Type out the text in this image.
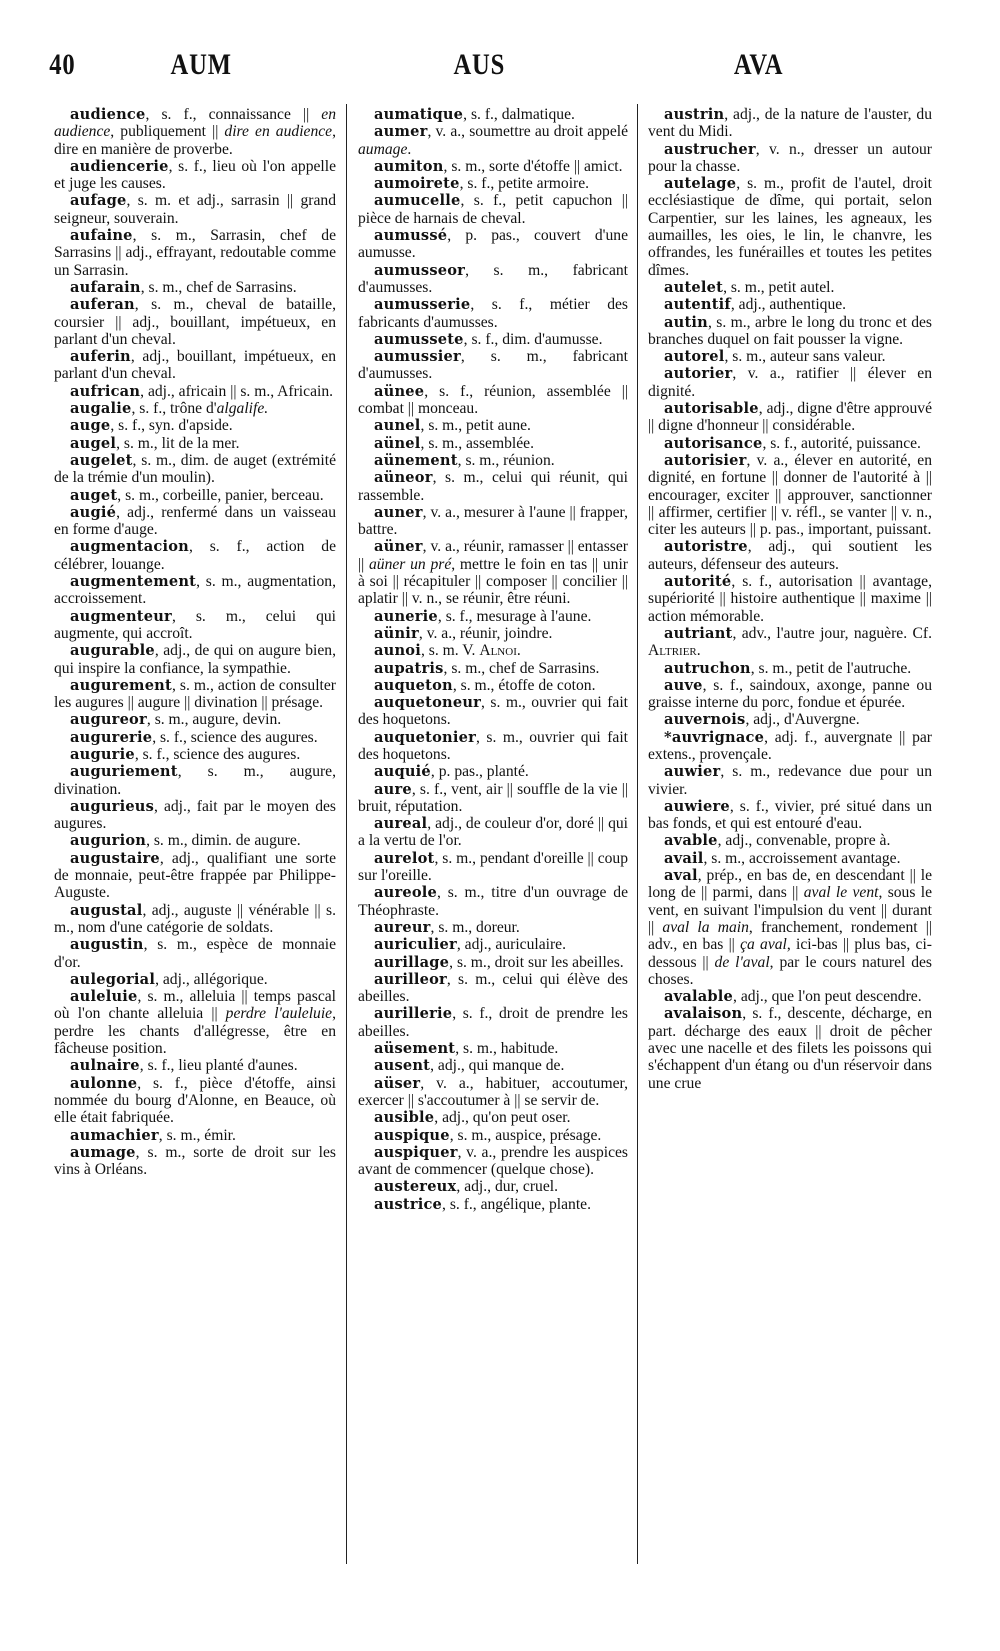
40	AUM	AUS	AVA

audience, s. f., connaissance || en audience, publiquement || dire en audience, dire en manière de proverbe.

audiencerie, s. f., lieu où l'on appelle et juge les causes.

aufage, s. m. et adj., sarrasin || grand seigneur, souverain.

aufaine, s. m., Sarrasin, chef de Sarrasins || adj., effrayant, redoutable comme un Sarrasin.

aufarain, s. m., chef de Sarrasins.

auferan, s. m., cheval de bataille, coursier || adj., bouillant, impétueux, en parlant d'un cheval.

auferin, adj., bouillant, impétueux, en parlant d'un cheval.

aufrican, adj., africain || s. m., Africain.

augalie, s. f., trône d'algalife.

auge, s. f., syn. d'apside.

augel, s. m., lit de la mer.

augelet, s. m., dim. de auget (extrémité de la trémie d'un moulin).

auget, s. m., corbeille, panier, berceau.

augié, adj., renfermé dans un vaisseau en forme d'auge.

augmentacion, s. f., action de célébrer, louange.

augmentement, s. m., augmentation, accroissement.

augmenteur, s. m., celui qui augmente, qui accroît.

augurable, adj., de qui on augure bien, qui inspire la confiance, la sympathie.

augurement, s. m., action de consulter les augures || augure || divination || présage.

augureor, s. m., augure, devin.

augurerie, s. f., science des augures.

augurie, s. f., science des augures.

auguriement, s. m., augure, divination.

augurieus, adj., fait par le moyen des augures.

augurion, s. m., dimin. de augure.

augustaire, adj., qualifiant une sorte de monnaie, peut-être frappée par Philippe-Auguste.

augustal, adj., auguste || vénérable || s. m., nom d'une catégorie de soldats.

augustin, s. m., espèce de monnaie d'or.

aulegorial, adj., allégorique.

auleluie, s. m., alleluia || temps pascal où l'on chante alleluia || perdre l'auleluie, perdre les chants d'allégresse, être en fâcheuse position.

aulnaire, s. f., lieu planté d'aunes.

aulonne, s. f., pièce d'étoffe, ainsi nommée du bourg d'Alonne, en Beauce, où elle était fabriquée.

aumachier, s. m., émir.

aumage, s. m., sorte de droit sur les vins à Orléans.

aumatique, s. f., dalmatique.

aumer, v. a., soumettre au droit appelé aumage.

aumiton, s. m., sorte d'étoffe || amict.

aumoirete, s. f., petite armoire.

aumucelle, s. f., petit capuchon || pièce de harnais de cheval.

aumussé, p. pas., couvert d'une aumusse.

aumusseor, s. m., fabricant d'aumusses.

aumusserie, s. f., métier des fabricants d'aumusses.

aumussete, s. f., dim. d'aumusse.

aumussier, s. m., fabricant d'aumusses.

aünee, s. f., réunion, assemblée || combat || monceau.

aunel, s. m., petit aune.

aünel, s. m., assemblée.

aünement, s. m., réunion.

aüneor, s. m., celui qui réunit, qui rassemble.

auner, v. a., mesurer à l'aune || frapper, battre.

aüner, v. a., réunir, ramasser || entasser || aüner un pré, mettre le foin en tas || unir à soi || récapituler || composer || concilier || aplatir || v. n., se réunir, être réuni.

aunerie, s. f., mesurage à l'aune.

aünir, v. a., réunir, joindre.

aunoi, s. m. V. Alnoi.

aupatris, s. m., chef de Sarrasins.

auqueton, s. m., étoffe de coton.

auquetoneur, s. m., ouvrier qui fait des hoquetons.

auquetonier, s. m., ouvrier qui fait des hoquetons.

auquié, p. pas., planté.

aure, s. f., vent, air || souffle de la vie || bruit, réputation.

aureal, adj., de couleur d'or, doré || qui a la vertu de l'or.

aurelot, s. m., pendant d'oreille || coup sur l'oreille.

aureole, s. m., titre d'un ouvrage de Théophraste.

aureur, s. m., doreur.

auriculier, adj., auriculaire.

aurillage, s. m., droit sur les abeilles.

aurilleor, s. m., celui qui élève des abeilles.

aurillerie, s. f., droit de prendre les abeilles.

aüsement, s. m., habitude.

ausent, adj., qui manque de.

aüser, v. a., habituer, accoutumer, exercer || s'accoutumer à || se servir de.

ausible, adj., qu'on peut oser.

auspique, s. m., auspice, présage.

auspiquer, v. a., prendre les auspices avant de commencer (quelque chose).

austereux, adj., dur, cruel.

austrice, s. f., angélique, plante.

austrin, adj., de la nature de l'auster, du vent du Midi.

austrucher, v. n., dresser un autour pour la chasse.

autelage, s. m., profit de l'autel, droit ecclésiastique de dîme, qui portait, selon Carpentier, sur les laines, les agneaux, les aumailles, les oies, le lin, le chanvre, les offrandes, les funérailles et toutes les petites dîmes.

autelet, s. m., petit autel.

autentif, adj., authentique.

autin, s. m., arbre le long du tronc et des branches duquel on fait pousser la vigne.

autorel, s. m., auteur sans valeur.

autorier, v. a., ratifier || élever en dignité.

autorisable, adj., digne d'être approuvé || digne d'honneur || considérable.

autorisance, s. f., autorité, puissance.

autorisier, v. a., élever en autorité, en dignité, en fortune || donner de l'autorité à || encourager, exciter || approuver, sanctionner || affirmer, certifier || v. réfl., se vanter || v. n., citer les auteurs || p. pas., important, puissant.

autoristre, adj., qui soutient les auteurs, défenseur des auteurs.

autorité, s. f., autorisation || avantage, supériorité || histoire authentique || maxime || action mémorable.

autriant, adv., l'autre jour, naguère. Cf. Altrier.

autruchon, s. m., petit de l'autruche.

auve, s. f., saindoux, axonge, panne ou graisse interne du porc, fondue et épurée.

auvernois, adj., d'Auvergne.

*auvrignace, adj. f., auvergnate || par extens., provençale.

auwier, s. m., redevance due pour un vivier.

auwiere, s. f., vivier, pré situé dans un bas fonds, et qui est entouré d'eau.

avable, adj., convenable, propre à.

avail, s. m., accroissement avantage.

aval, prép., en bas de, en descendant || le long de || parmi, dans || aval le vent, sous le vent, en suivant l'impulsion du vent || durant || aval la main, franchement, rondement || adv., en bas || ça aval, ici-bas || plus bas, ci-dessous || de l'aval, par le cours naturel des choses.

avalable, adj., que l'on peut descendre.

avalaison, s. f., descente, décharge, en part. décharge des eaux || droit de pêcher avec une nacelle et des filets les poissons qui s'échappent d'un étang ou d'un réservoir dans une crue
